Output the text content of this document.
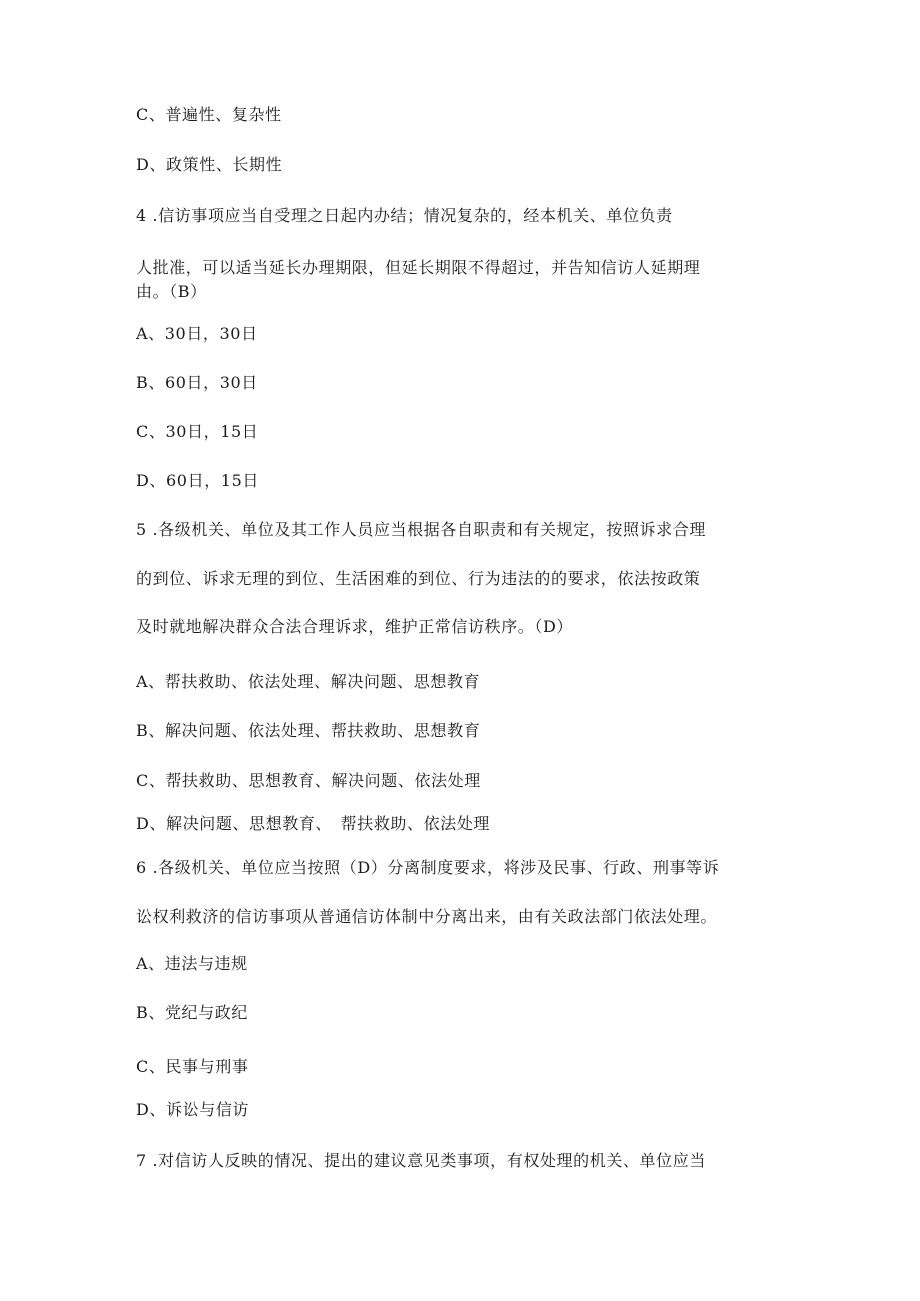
C、普遍性、复杂性
D、政策性、长期性
4 .信访事项应当自受理之日起内办结；情况复杂的，经本机关、单位负责
人批准，可以适当延长办理期限，但延长期限不得超过，并告知信访人延期理
由。（B）
A、30日，30日
B、60日，30日
C、30日，15日
D、60日，15日
5 .各级机关、单位及其工作人员应当根据各自职责和有关规定，按照诉求合理
的到位、诉求无理的到位、生活困难的到位、行为违法的的要求，依法按政策
及时就地解决群众合法合理诉求，维护正常信访秩序。（D）
A、帮扶救助、依法处理、解决问题、思想教育
B、解决问题、依法处理、帮扶救助、思想教育
C、帮扶救助、思想教育、解决问题、依法处理
D、解决问题、思想教育、　帮扶救助、依法处理
6 .各级机关、单位应当按照（D）分离制度要求，将涉及民事、行政、刑事等诉
讼权利救济的信访事项从普通信访体制中分离出来，由有关政法部门依法处理。
A、违法与违规
B、党纪与政纪
C、民事与刑事
D、诉讼与信访
7 .对信访人反映的情况、提出的建议意见类事项，有权处理的机关、单位应当
